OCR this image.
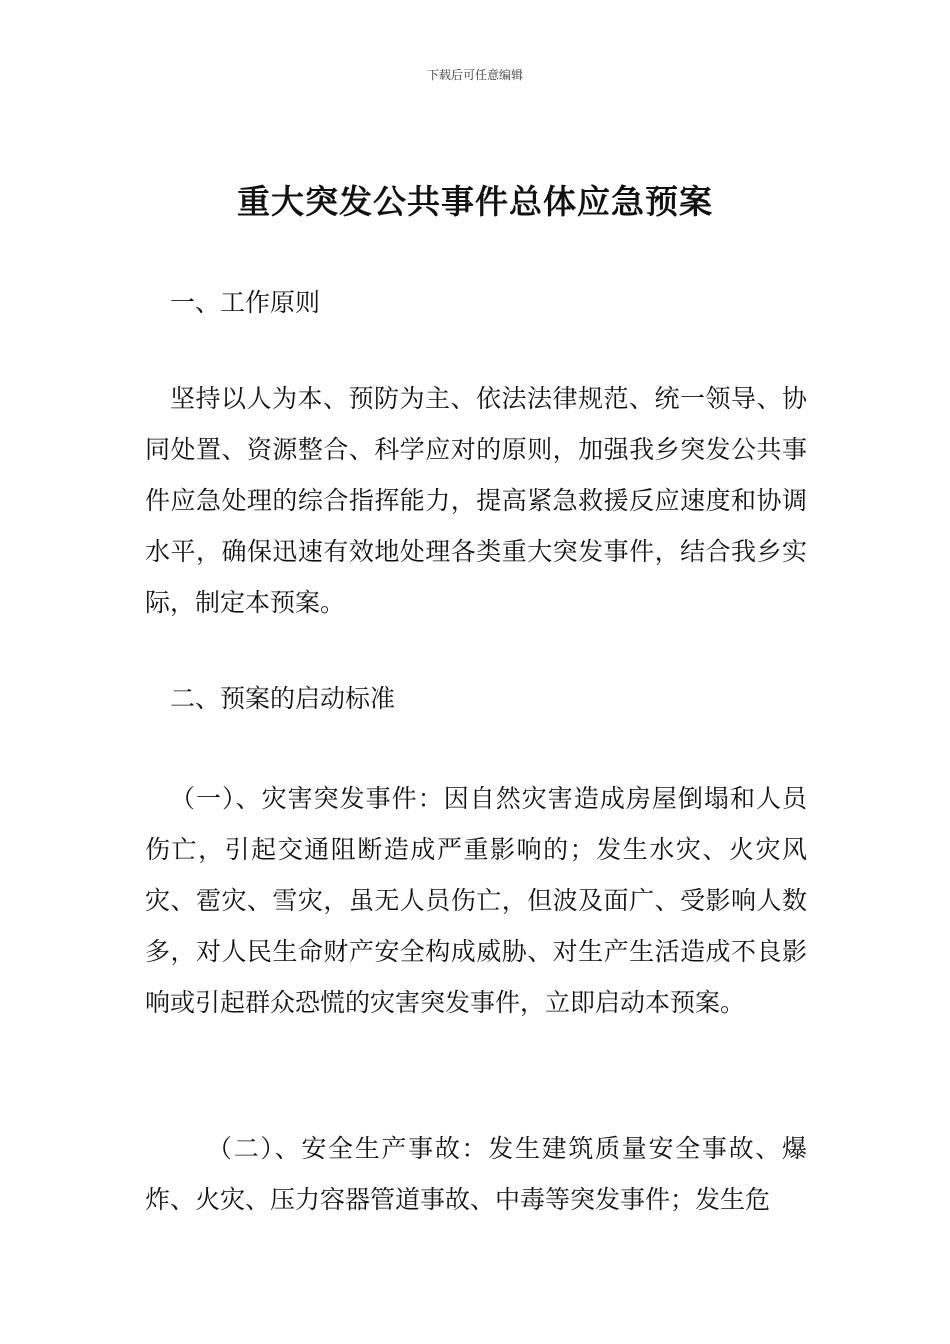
下载后可任意编辑
重大突发公共事件总体应急预案

一、工作原则

坚持以人为本、预防为主、依法法律规范、统一领导、协同处置、资源整合、科学应对的原则，加强我乡突发公共事件应急处理的综合指挥能力，提高紧急救援反应速度和协调水平，确保迅速有效地处理各类重大突发事件，结合我乡实际，制定本预案。

二、预案的启动标准

（一）、灾害突发事件：因自然灾害造成房屋倒塌和人员伤亡，引起交通阻断造成严重影响的；发生水灾、火灾风灾、雹灾、雪灾，虽无人员伤亡，但波及面广、受影响人数多，对人民生命财产安全构成威胁、对生产生活造成不良影响或引起群众恐慌的灾害突发事件，立即启动本预案。

（二）、安全生产事故：发生建筑质量安全事故、爆炸、火灾、压力容器管道事故、中毒等突发事件；发生危
